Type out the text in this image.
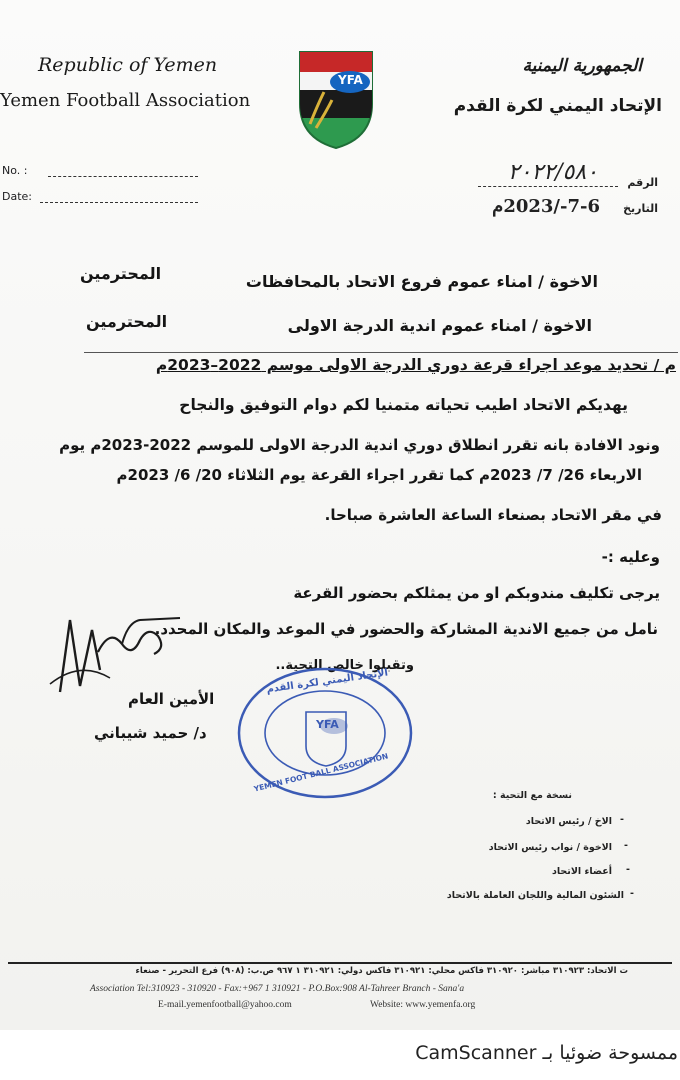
Republic of Yemen
Yemen Football Association
YFA
الجمهورية اليمنية
الإتحاد اليمني لكرة القدم
No. :
Date:
الرقم
٢٠٢٢/٥٨٠
التاريخ
7-6-/2023م
الاخوة / امناء عموم فروع الاتحاد بالمحافظات
المحترمين
الاخوة / امناء عموم اندية الدرجة الاولى
المحترمين
م / تحديد موعد اجراء قرعة دوري الدرجة الاولى موسم 2022–2023م
يهديكم الاتحاد اطيب تحياته متمنيا لكم دوام التوفيق والنجاح
ونود الافادة بانه تقرر انطلاق دوري اندية الدرجة الاولى للموسم 2022-2023م يوم
الاربعاء 26/ 7/ 2023م كما تقرر اجراء القرعة يوم الثلاثاء 20/ 6/ 2023م
في مقر الاتحاد بصنعاء الساعة العاشرة صباحا.
وعليه :-
يرجى تكليف مندوبكم او من يمثلكم بحضور القرعة
نامل من جميع الاندية المشاركة والحضور في الموعد والمكان المحدد.
وتقبلوا خالص التحية..
الأمين العام
د/ حميد شيباني
الإتحاد اليمني لكرة القدم
YFA
YEMEN FOOT BALL ASSOCIATION
نسخة مع التحية :
الاخ / رئيس الاتحاد -
الاخوة / نواب رئيس الاتحاد -
أعضاء الاتحاد -
الشئون المالية واللجان العاملة بالاتحاد -
ت الاتحاد: ٣١٠٩٢٣ مباشر: ٣١٠٩٢٠ فاكس محلي: ٣١٠٩٢١ فاكس دولي: ٣١٠٩٢١ ١ ٩٦٧ ص.ب: (٩٠٨) فرع التحرير - صنعاء
Association Tel:310923 - 310920 - Fax:+967 1 310921 - P.O.Box:908 Al-Tahreer Branch - Sana'a
E-mail.yemenfootball@yahoo.com	Website: www.yemenfa.org
ممسوحة ضوئيا بـ CamScanner
